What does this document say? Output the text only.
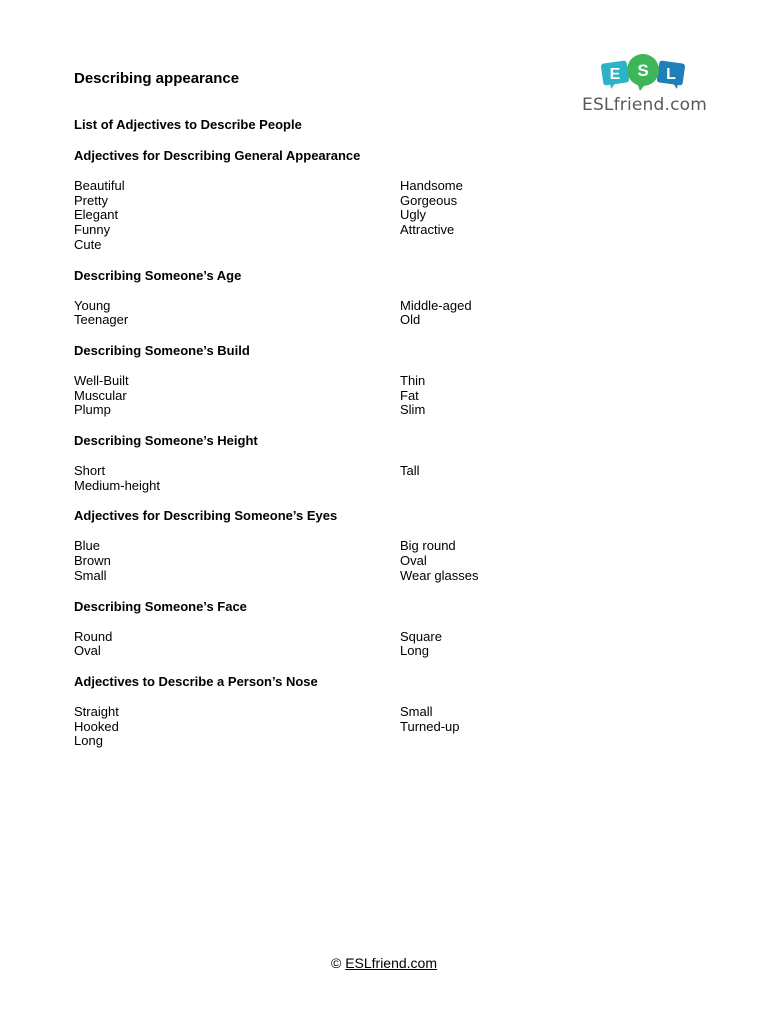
Describing appearance	E	L
S
ESLfriend.com
List of Adjectives to Describe People
Adjectives for Describing General Appearance
Beautiful
Pretty
Elegant
Funny
Cute
Handsome
Gorgeous
Ugly
Attractive
Describing Someone’s Age
Young
Teenager
Middle-aged
Old
Describing Someone’s Build
Well-Built
Muscular
Plump
Thin
Fat
Slim
Describing Someone’s Height
Short
Medium-height
Tall
Adjectives for Describing Someone’s Eyes
Blue
Brown
Small
Big round
Oval
Wear glasses
Describing Someone’s Face
Round
Oval
Square
Long
Adjectives to Describe a Person’s Nose
Straight
Hooked
Long
Small
Turned-up
© ESLfriend.com
